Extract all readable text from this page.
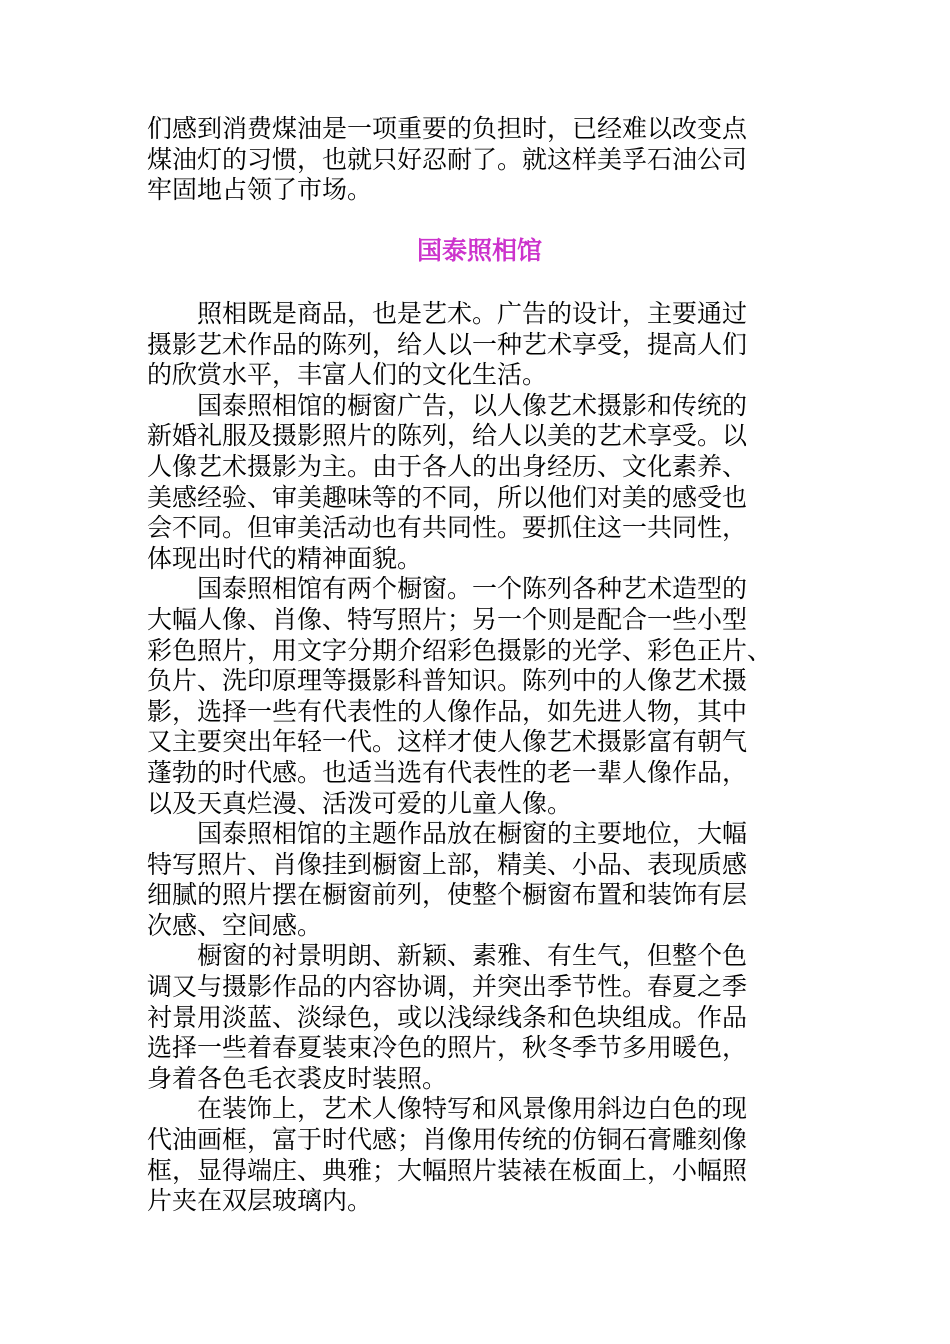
们感到消费煤油是一项重要的负担时，已经难以改变点
煤油灯的习惯，也就只好忍耐了。就这样美孚石油公司
牢固地占领了市场。
国泰照相馆
　　照相既是商品，也是艺术。广告的设计，主要通过
摄影艺术作品的陈列，给人以一种艺术享受，提高人们
的欣赏水平，丰富人们的文化生活。
　　国泰照相馆的橱窗广告，以人像艺术摄影和传统的
新婚礼服及摄影照片的陈列，给人以美的艺术享受。以
人像艺术摄影为主。由于各人的出身经历、文化素养、
美感经验、审美趣味等的不同，所以他们对美的感受也
会不同。但审美活动也有共同性。要抓住这一共同性，
体现出时代的精神面貌。
　　国泰照相馆有两个橱窗。一个陈列各种艺术造型的
大幅人像、肖像、特写照片；另一个则是配合一些小型
彩色照片，用文字分期介绍彩色摄影的光学、彩色正片、
负片、洗印原理等摄影科普知识。陈列中的人像艺术摄
影，选择一些有代表性的人像作品，如先进人物，其中
又主要突出年轻一代。这样才使人像艺术摄影富有朝气
蓬勃的时代感。也适当选有代表性的老一辈人像作品，
以及天真烂漫、活泼可爱的儿童人像。
　　国泰照相馆的主题作品放在橱窗的主要地位，大幅
特写照片、肖像挂到橱窗上部，精美、小品、表现质感
细腻的照片摆在橱窗前列，使整个橱窗布置和装饰有层
次感、空间感。
　　橱窗的衬景明朗、新颖、素雅、有生气，但整个色
调又与摄影作品的内容协调，并突出季节性。春夏之季
衬景用淡蓝、淡绿色，或以浅绿线条和色块组成。作品
选择一些着春夏装束冷色的照片，秋冬季节多用暖色，
身着各色毛衣裘皮时装照。
　　在装饰上，艺术人像特写和风景像用斜边白色的现
代油画框，富于时代感；肖像用传统的仿铜石膏雕刻像
框，显得端庄、典雅；大幅照片装裱在板面上，小幅照
片夹在双层玻璃内。
